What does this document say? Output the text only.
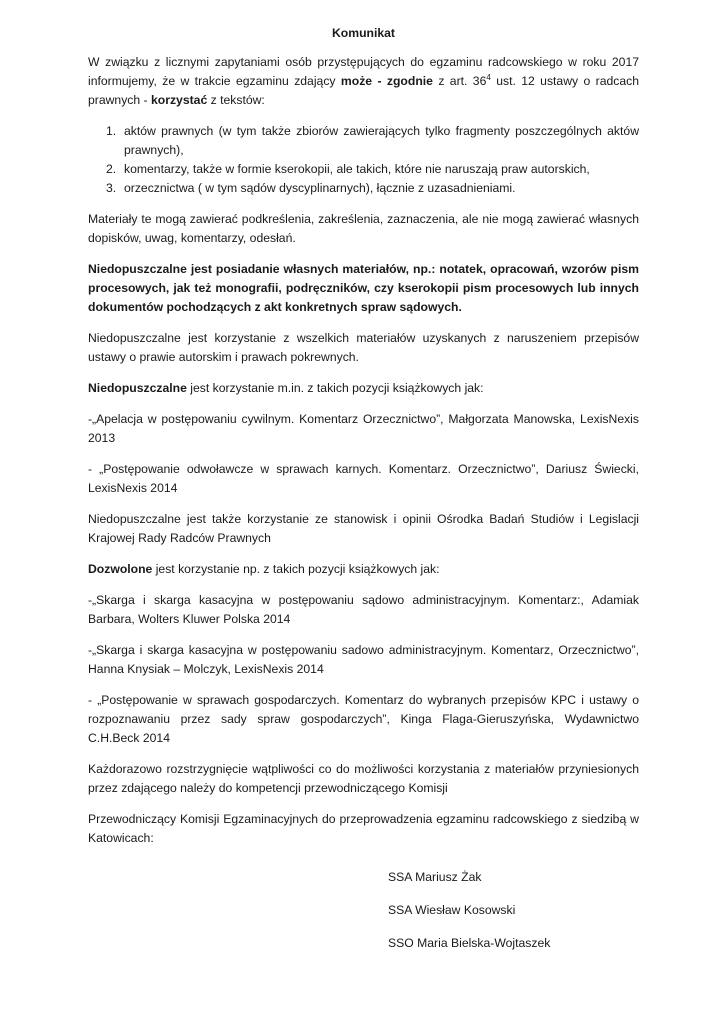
Komunikat

W związku z licznymi zapytaniami osób przystępujących do egzaminu radcowskiego w roku 2017 informujemy, że w trakcie egzaminu zdający może - zgodnie z art. $36^4$ ust. 12 ustawy o radcach prawnych - korzystać z tekstów:

1. aktów prawnych (w tym także zbiorów zawierających tylko fragmenty poszczególnych aktów prawnych),
2. komentarzy, także w formie kserokopii, ale takich, które nie naruszają praw autorskich,
3. orzecznictwa ( w tym sądów dyscyplinarnych), łącznie z uzasadnieniami.

Materiały te mogą zawierać podkreślenia, zakreślenia, zaznaczenia, ale nie mogą zawierać własnych dopisków, uwag, komentarzy, odesłań.

Niedopuszczalne jest posiadanie własnych materiałów, np.: notatek, opracowań, wzorów pism procesowych, jak też monografii, podręczników, czy kserokopii pism procesowych lub innych dokumentów pochodzących z akt konkretnych spraw sądowych.

Niedopuszczalne jest korzystanie z wszelkich materiałów uzyskanych z naruszeniem przepisów ustawy o prawie autorskim i prawach pokrewnych.

Niedopuszczalne jest korzystanie m.in. z takich pozycji książkowych jak:

-„Apelacja w postępowaniu cywilnym. Komentarz Orzecznictwo”, Małgorzata Manowska, LexisNexis 2013

- „Postępowanie odwoławcze w sprawach karnych. Komentarz. Orzecznictwo”, Dariusz Świecki, LexisNexis 2014

Niedopuszczalne jest także korzystanie ze stanowisk i opinii Ośrodka Badań Studiów i Legislacji Krajowej Rady Radców Prawnych

Dozwolone jest korzystanie np. z takich pozycji książkowych jak:

-„Skarga i skarga kasacyjna w postępowaniu sądowo administracyjnym. Komentarz:, Adamiak Barbara, Wolters Kluwer Polska 2014

-„Skarga i skarga kasacyjna w postępowaniu sadowo administracyjnym. Komentarz, Orzecznictwo”, Hanna Knysiak – Molczyk, LexisNexis 2014

- „Postępowanie w sprawach gospodarczych. Komentarz do wybranych przepisów KPC i ustawy o rozpoznawaniu przez sady spraw gospodarczych”, Kinga Flaga-Gieruszyńska, Wydawnictwo C.H.Beck 2014

Każdorazowo rozstrzygnięcie wątpliwości co do możliwości korzystania z materiałów przyniesionych przez zdającego należy do kompetencji przewodniczącego Komisji

Przewodniczący Komisji Egzaminacyjnych do przeprowadzenia egzaminu radcowskiego z siedzibą w Katowicach:

SSA Mariusz Żak
SSA Wiesław Kosowski
SSO Maria Bielska-Wojtaszek
